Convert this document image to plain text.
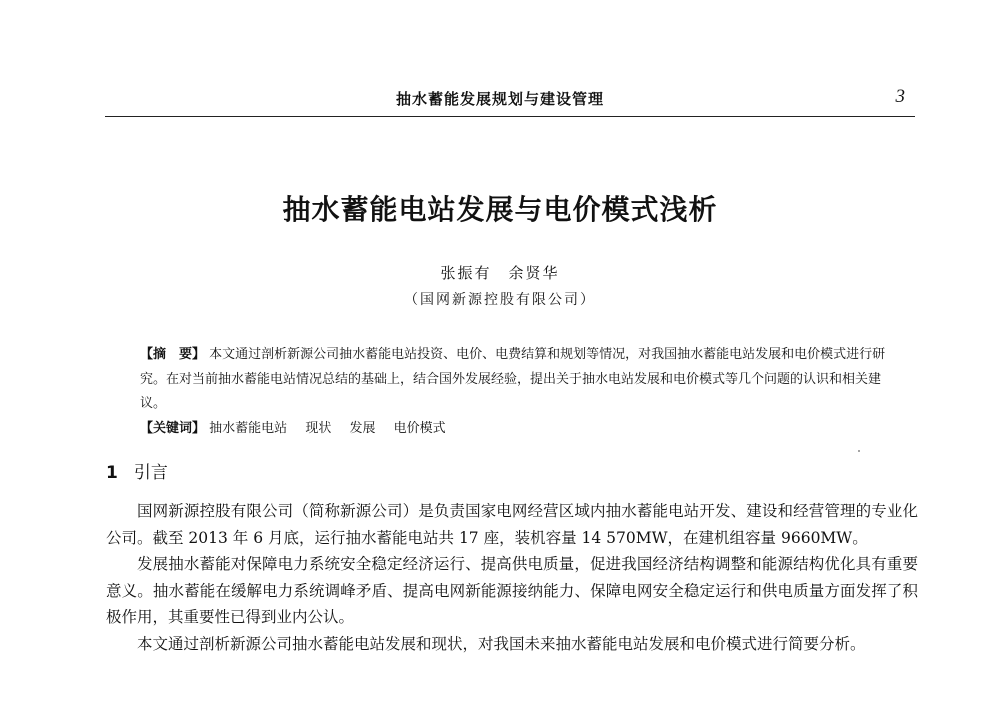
抽水蓄能发展规划与建设管理	3
抽水蓄能电站发展与电价模式浅析
张振有　余贤华
（国网新源控股有限公司）

【摘　要】 本文通过剖析新源公司抽水蓄能电站投资、电价、电费结算和规划等情况，对我国抽水蓄能电站发展和电价模式进行研究。在对当前抽水蓄能电站情况总结的基础上，结合国外发展经验，提出关于抽水电站发展和电价模式等几个问题的认识和相关建议。

【关键词】 抽水蓄能电站 现状 发展 电价模式

1 引言

国网新源控股有限公司（简称新源公司）是负责国家电网经营区域内抽水蓄能电站开发、建设和经营管理的专业化公司。截至 2013 年 6 月底，运行抽水蓄能电站共 17 座，装机容量 14 570MW，在建机组容量 9660MW。

发展抽水蓄能对保障电力系统安全稳定经济运行、提高供电质量，促进我国经济结构调整和能源结构优化具有重要意义。抽水蓄能在缓解电力系统调峰矛盾、提高电网新能源接纳能力、保障电网安全稳定运行和供电质量方面发挥了积极作用，其重要性已得到业内公认。

本文通过剖析新源公司抽水蓄能电站发展和现状，对我国未来抽水蓄能电站发展和电价模式进行简要分析。
